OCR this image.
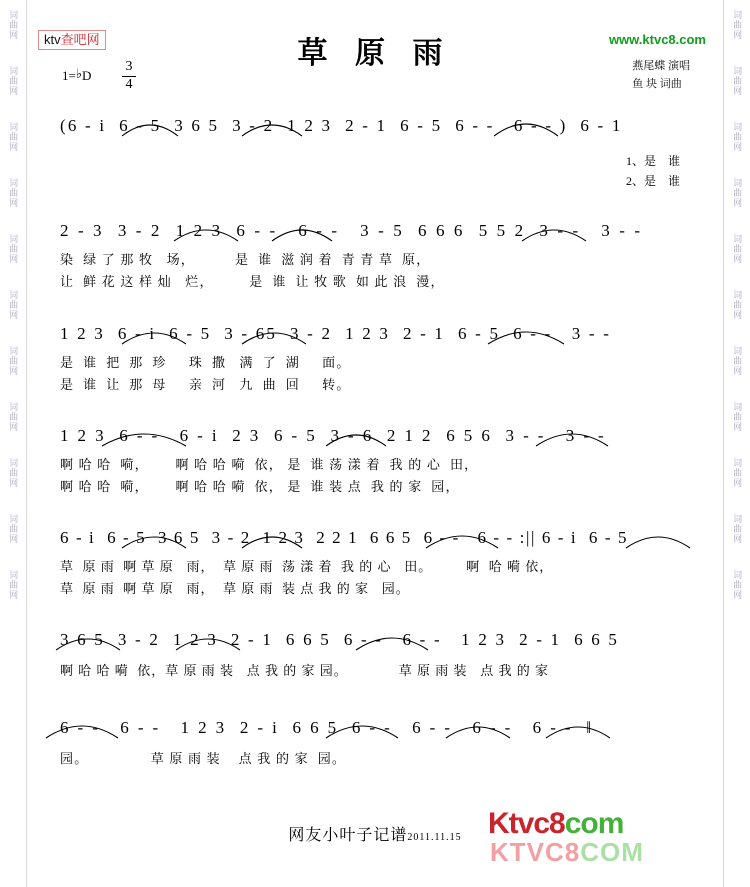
词曲网
词曲网
词曲网
词曲网
词曲网
词曲网
词曲网
词曲网
词曲网
词曲网
词曲网
词曲网
词曲网
词曲网
词曲网
词曲网
词曲网
词曲网
词曲网
词曲网
词曲网
词曲网
ktv查吧网	草 原 雨	www.ktvc8.com
燕尾蝶 演唱
鱼 块 词曲
1=♭D
3
4

(6 - i  6 - 5  3 6 5  3 - 2  1 2 3  2 - 1  6 - 5  6 - -   6 - - )  6 - 1

1、是    谁

2、是    谁

2 - 3  3 - 2  1 2 3  6 - -   6 - -   3 - 5  6 6 6  5 5 2  3 - -   3 - -

染  绿 了 那 牧   场，         是  谁  滋 润 着  青 青 草  原，

让  鲜 花 这 样 灿   烂，        是  谁  让 牧 歌  如 此 浪  漫，

1 2 3  6 - i  6 - 5  3 - 65  3 - 2  1 2 3  2 - 1  6 - 5  6 - -   3 - -

是  谁  把  那  珍     珠  撒   满  了  湖     面。

是  谁  让  那  母     亲  河   九  曲  回     转。

1 2 3  6 - -   6 - i  2 3  6 - 5  3 - 6  2 1 2  6 5 6  3 - -   3 - -

啊 哈 哈  嗬，      啊 哈 哈 嗬  依， 是  谁 荡 漾 着  我 的 心  田，

啊 哈 哈  嗬，      啊 哈 哈 嗬  依， 是  谁 装 点  我 的 家  园，

6 - i  6 - 5  3 6 5  3 - 2  1 2 3  2 2 1  6 6 5  6 - -   6 - - :|| 6 - i  6 - 5

草  原 雨  啊 草 原   雨，  草 原 雨  荡 漾 着  我 的 心   田。        啊  哈 嗬 依，

草  原 雨  啊 草 原   雨，  草 原 雨  装 点 我 的 家   园。

3 6 5  3 - 2  1 2 3  2 - 1  6 6 5  6 - -   6 - -   1 2 3  2 - 1  6 6 5

啊 哈 哈 嗬  依，草 原 雨 装   点 我 的 家 园。            草 原 雨 装   点 我 的 家

6 - -   6 - -   1 2 3  2 - i  6 6 5  6 - -   6 - -   6 - -   6 - -  ‖

园。              草 原 雨 装    点 我 的 家  园。

网友小叶子记谱2011.11.15 Ktvc8com
KTVC8COM
